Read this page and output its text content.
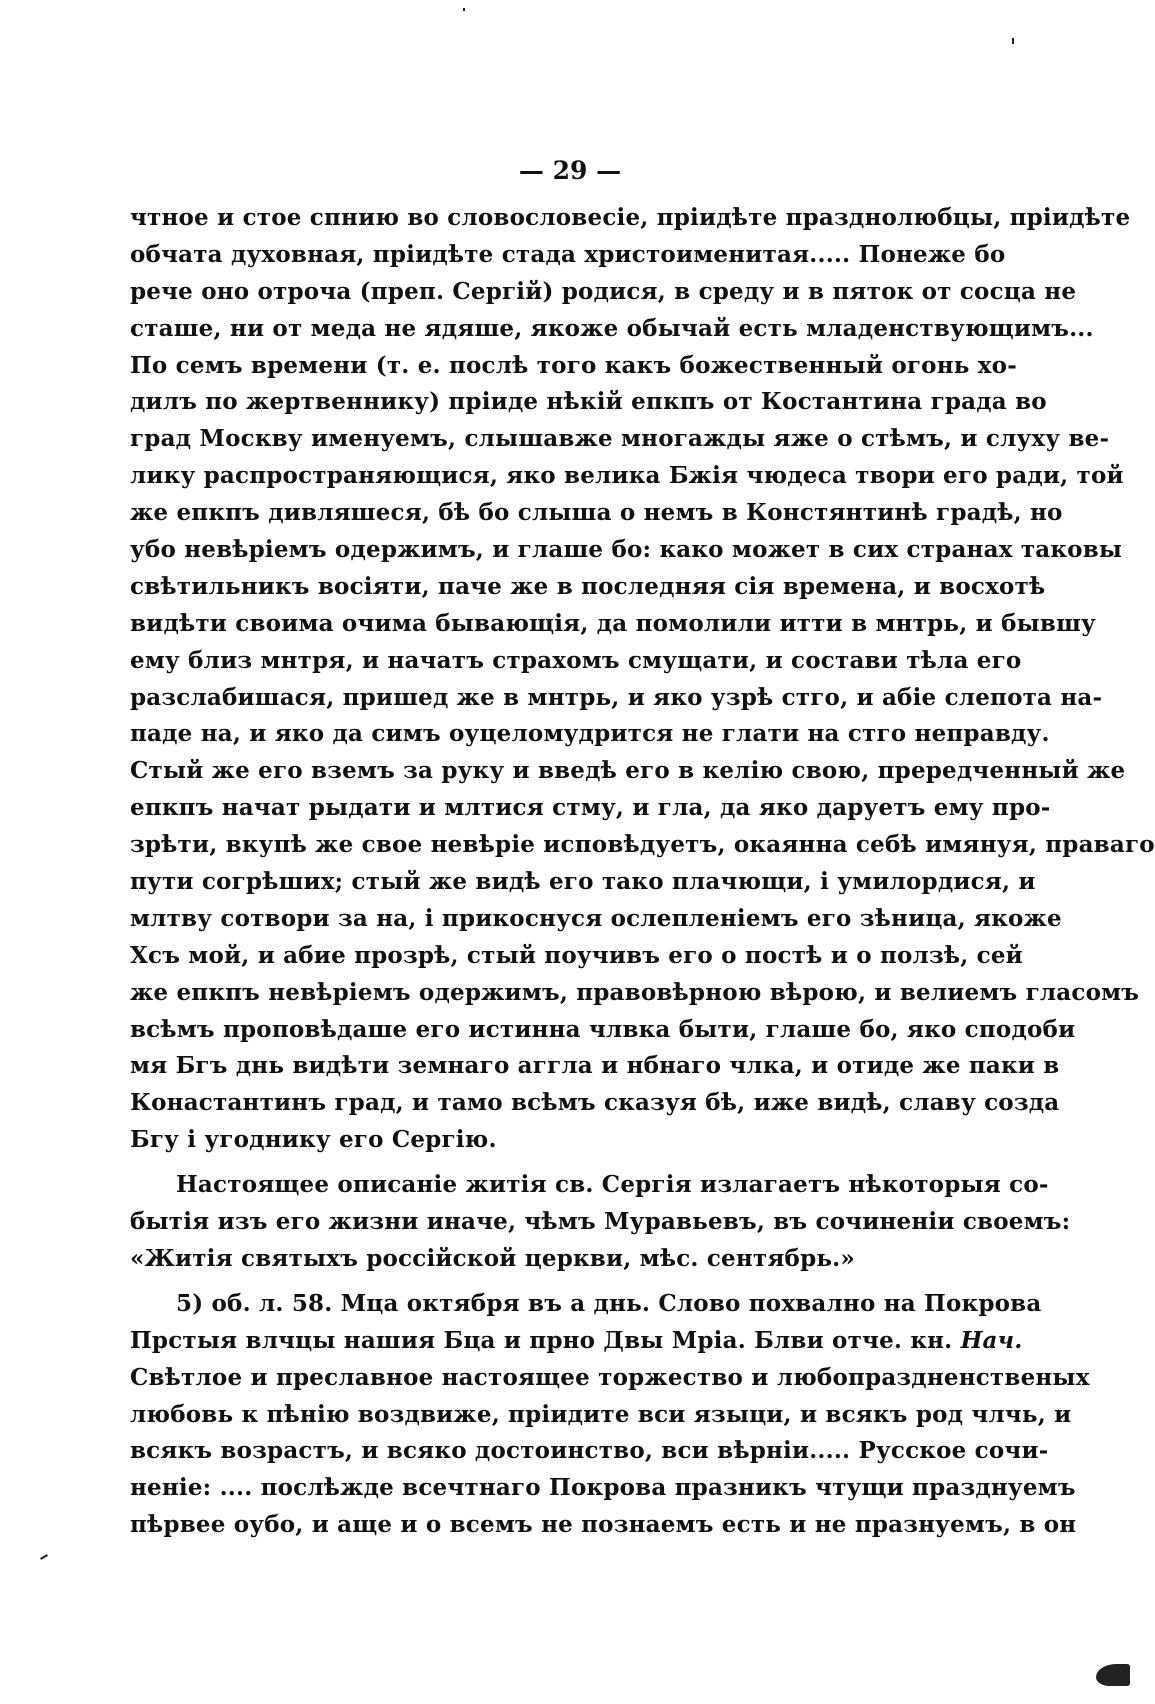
— 29 —
чтное и стое спнию во словословесіе, пріидѣте празднолюбцы, пріидѣте
обчата духовная, пріидѣте стада христоименитая..... Понеже бо
рече оно отроча (преп. Сергій) родися, в среду и в пяток от сосца не
сташе, ни от меда не ядяше, якоже обычай есть младенствующимъ...
По семъ времени (т. е. послѣ того какъ божественный огонь хо-
дилъ по жертвеннику) пріиде нѣкій епкпъ от Костантина града во
град Москву именуемъ, слышавже многажды яже о стѣмъ, и слуху ве-
лику распространяющися, яко велика Бжія чюдеса твори его ради, той
же епкпъ дивляшеся, бѣ бо слыша о немъ в Констянтинѣ градѣ, но
убо невѣріемъ одержимъ, и глаше бо: како может в сих странах таковы
свѣтильникъ восіяти, паче же в последняя сія времена, и восхотѣ
видѣти своима очима бывающія, да помолили итти в мнтрь, и бывшу
ему близ мнтря, и начатъ страхомъ смущати, и состави тѣла его
разслабишася, пришед же в мнтрь, и яко узрѣ стго, и абіе слепота на-
паде на, и яко да симъ оуцеломудрится не глати на стго неправду.
Стый же его вземъ за руку и введѣ его в келію свою, прередченный же
епкпъ начат рыдати и млтися стму, и гла, да яко даруетъ ему про-
зрѣти, вкупѣ же свое невѣріе исповѣдуетъ, окаянна себѣ имянуя, праваго
пути согрѣших; стый же видѣ его тако плачющи, і умилордися, и
млтву сотвори за на, і прикоснуся ослепленіемъ его зѣница, якоже
Хсъ мой, и абие прозрѣ, стый поучивъ его о постѣ и о ползѣ, сей
же епкпъ невѣріемъ одержимъ, правовѣрною вѣрою, и велиемъ гласомъ
всѣмъ проповѣдаше его истинна члвка быти, глаше бо, яко сподоби
мя Бгъ днь видѣти земнаго аггла и нбнаго члка, и отиде же паки в
Конастантинъ град, и тамо всѣмъ сказуя бѣ, иже видѣ, славу созда
Бгу і угоднику его Сергію.
Настоящее описаніе житія св. Сергія излагаетъ нѣкоторыя со-
бытія изъ его жизни иначе, чѣмъ Муравьевъ, въ сочиненіи своемъ:
«Житія святыхъ россійской церкви, мѣс. сентябрь.»
5) об. л. 58. Мца октября въ а днь. Слово похвално на Покрова
Прстыя влчцы нашия Бца и прно Двы Мріа. Блви отче. кн. Нач.
Свѣтлое и преславное настоящее торжество и любопраздненственых
любовь к пѣнію воздвиже, пріидите вси языци, и всякъ род члчь, и
всякъ возрастъ, и всяко достоинство, вси вѣрніи..... Русское сочи-
неніе: .... послѣжде всечтнаго Покрова празникъ чтущи празднуемъ
пѣрвее оубо, и аще и о всемъ не познаемъ есть и не празнуемъ, в он
